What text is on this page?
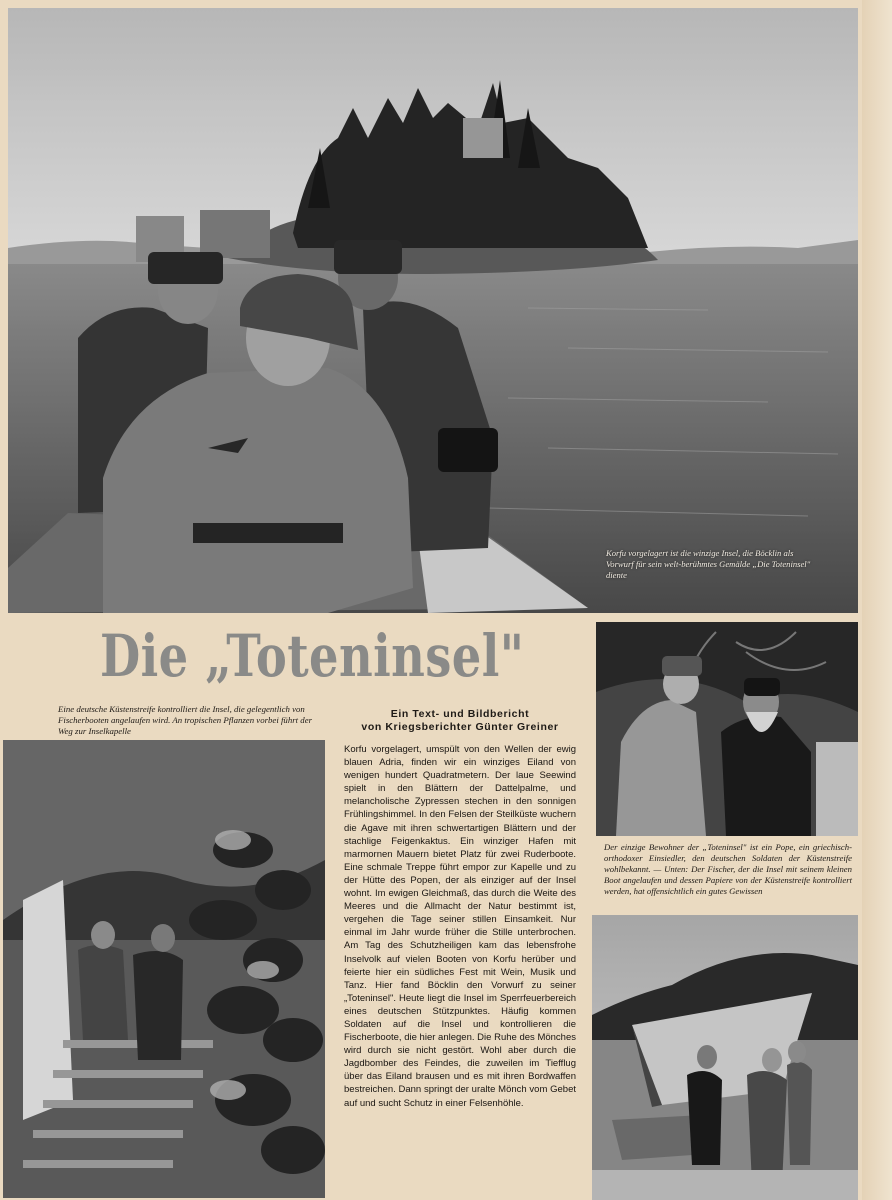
Korfu vorgelagert ist die winzige Insel, die Böcklin als Vorwurf für sein welt-berühmtes Gemälde „Die Toteninsel" diente
Die „Toteninsel"
Eine deutsche Küstenstreife kontrolliert die Insel, die gelegentlich von Fischerbooten angelaufen wird. An tropischen Pflanzen vorbei führt der Weg zur Inselkapelle
Ein Text- und Bildbericht
von Kriegsberichter Günter Greiner
Korfu vorgelagert, umspült von den Wellen der ewig blauen Adria, finden wir ein winziges Eiland von wenigen hundert Quadratmetern. Der laue Seewind spielt in den Blättern der Dattelpalme, und melancholische Zypressen stechen in den sonnigen Frühlingshimmel. In den Felsen der Steilküste wuchern die Agave mit ihren schwertartigen Blättern und der stachlige Feigenkaktus. Ein winziger Hafen mit marmornen Mauern bietet Platz für zwei Ruderboote. Eine schmale Treppe führt empor zur Kapelle und zu der Hütte des Popen, der als einziger auf der Insel wohnt. Im ewigen Gleichmaß, das durch die Weite des Meeres und die Allmacht der Natur bestimmt ist, vergehen die Tage seiner stillen Einsamkeit. Nur einmal im Jahr wurde früher die Stille unterbrochen. Am Tag des Schutzheiligen kam das lebensfrohe Inselvolk auf vielen Booten von Korfu herüber und feierte hier ein südliches Fest mit Wein, Musik und Tanz. Hier fand Böcklin den Vorwurf zu seiner „Toteninsel". Heute liegt die Insel im Sperrfeuerbereich eines deutschen Stützpunktes. Häufig kommen Soldaten auf die Insel und kontrollieren die Fischerboote, die hier anlegen. Die Ruhe des Mönches wird durch sie nicht gestört. Wohl aber durch die Jagdbomber des Feindes, die zuweilen im Tiefflug über das Eiland brausen und es mit ihren Bordwaffen bestreichen. Dann springt der uralte Mönch vom Gebet auf und sucht Schutz in einer Felsenhöhle.
Der einzige Bewohner der „Toteninsel" ist ein Pope, ein griechisch-orthodoxer Einsiedler, den deutschen Soldaten der Küstenstreife wohlbekannt. — Unten: Der Fischer, der die Insel mit seinem kleinen Boot angelaufen und dessen Papiere von der Küstenstreife kontrolliert werden, hat offensichtlich ein gutes Gewissen
